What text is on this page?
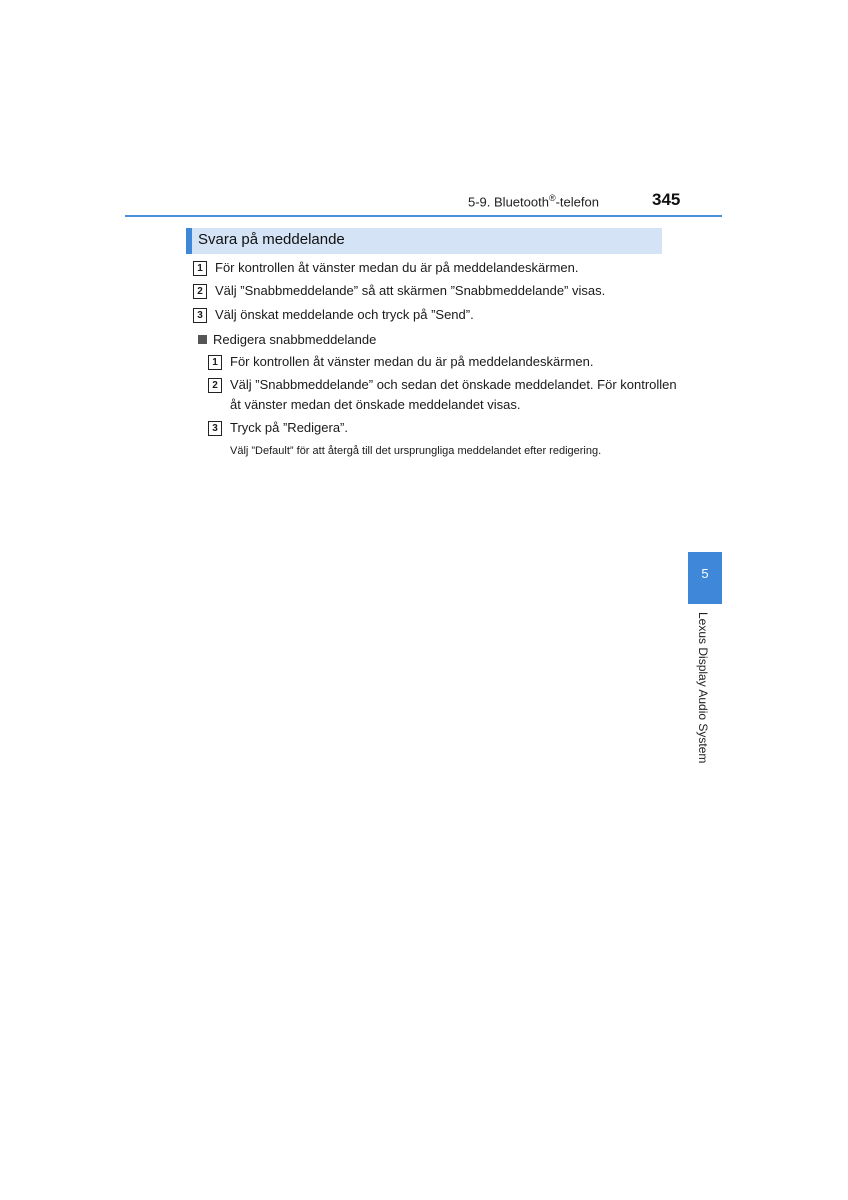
5-9. Bluetooth®-telefon	345
Svara på meddelande
1 För kontrollen åt vänster medan du är på meddelandeskärmen.
2 Välj ”Snabbmeddelande” så att skärmen ”Snabbmeddelande” visas.
3 Välj önskat meddelande och tryck på ”Send”.
Redigera snabbmeddelande
1 För kontrollen åt vänster medan du är på meddelandeskärmen.
2 Välj ”Snabbmeddelande” och sedan det önskade meddelandet. För kontrollen
åt vänster medan det önskade meddelandet visas.
3 Tryck på ”Redigera”.
Välj ”Default” för att återgå till det ursprungliga meddelandet efter redigering.
5
Lexus Display Audio System
